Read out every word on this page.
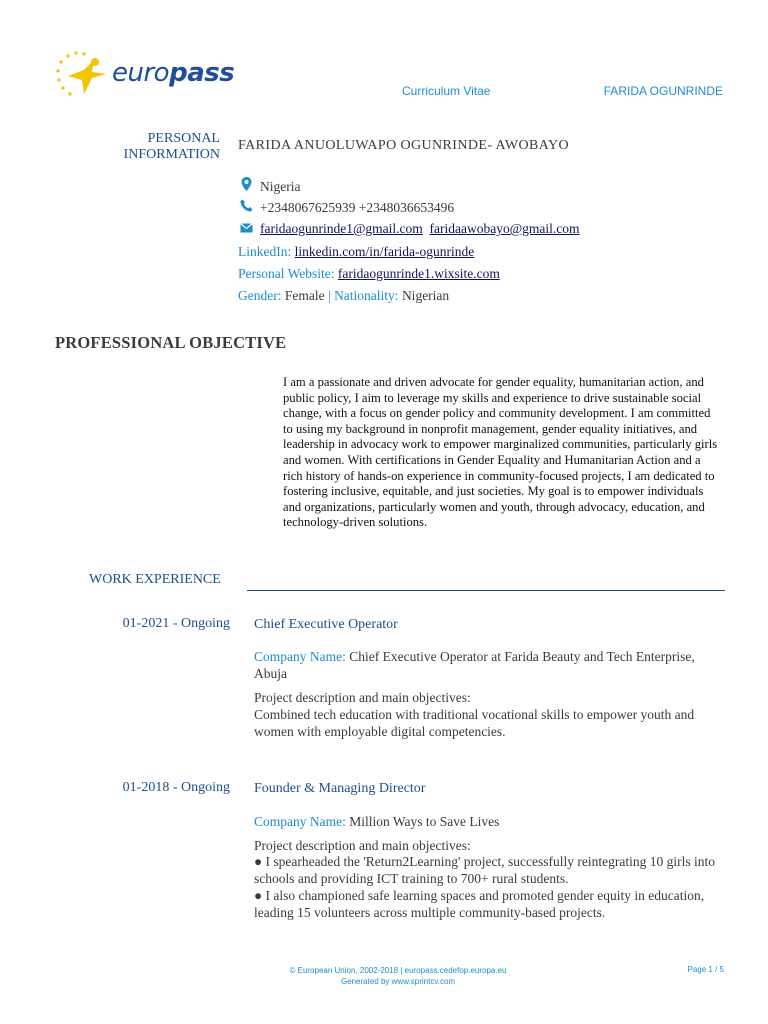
europass
Curriculum Vitae	FARIDA OGUNRINDE
PERSONAL INFORMATION
FARIDA ANUOLUWAPO OGUNRINDE- AWOBAYO
Nigeria
+2348067625939 +2348036653496
faridaogunrinde1@gmail.com faridaawobayo@gmail.com
LinkedIn: linkedin.com/in/farida-ogunrinde
Personal Website: faridaogunrinde1.wixsite.com
Gender: Female | Nationality: Nigerian
PROFESSIONAL OBJECTIVE
I am a passionate and driven advocate for gender equality, humanitarian action, and public policy, I aim to leverage my skills and experience to drive sustainable social change, with a focus on gender policy and community development. I am committed to using my background in nonprofit management, gender equality initiatives, and leadership in advocacy work to empower marginalized communities, particularly girls and women. With certifications in Gender Equality and Humanitarian Action and a rich history of hands-on experience in community-focused projects, I am dedicated to fostering inclusive, equitable, and just societies. My goal is to empower individuals and organizations, particularly women and youth, through advocacy, education, and technology-driven solutions.
WORK EXPERIENCE
01-2021 - Ongoing Chief Executive Operator
Company Name: Chief Executive Operator at Farida Beauty and Tech Enterprise, Abuja
Project description and main objectives:
Combined tech education with traditional vocational skills to empower youth and women with employable digital competencies.
01-2018 - Ongoing Founder & Managing Director
Company Name: Million Ways to Save Lives
Project description and main objectives:
● I spearheaded the 'Return2Learning' project, successfully reintegrating 10 girls into schools and providing ICT training to 700+ rural students.
● I also championed safe learning spaces and promoted gender equity in education, leading 15 volunteers across multiple community-based projects.
© European Union, 2002-2018 | europass.cedefop.europa.eu
Generated by www.sprintcv.com
Page 1 / 5
